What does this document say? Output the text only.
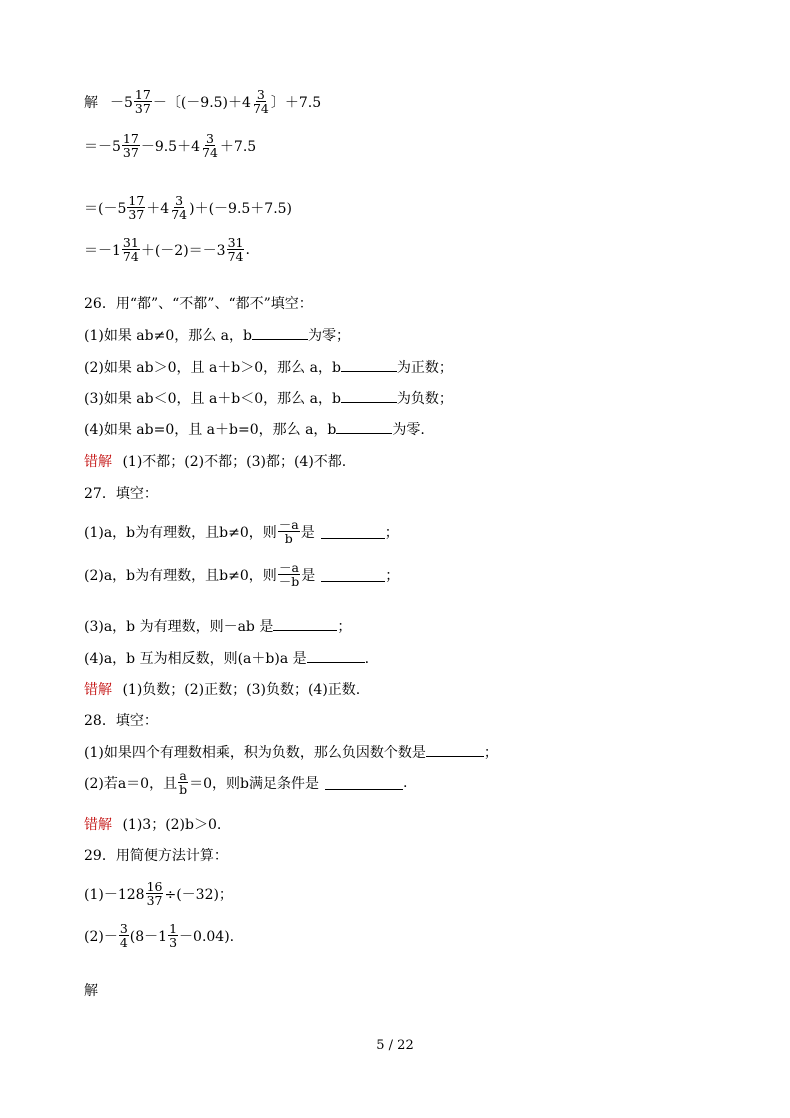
解 $-5 \frac{17}{37}$ －〔$(-9.5)+4 \frac{3}{74}$ 〕＋7.5
$=-5 \frac{17}{37} -9.5+4 \frac{3}{74} +7.5$
$=(-5 \frac{17}{37} +4 \frac{3}{74} )+(-9.5+7.5)$
$=-1 \frac{31}{74} +(-2)=-3 \frac{31}{74}$ .
26．用“都”、“不都”、“都不”填空：
(1)如果 ab≠0，那么 a，b	为零；
(2)如果 ab＞0，且 a＋b＞0，那么 a，b	为正数；
(3)如果 ab＜0，且 a＋b＜0，那么 a，b	为负数；
(4)如果 ab=0，且 a＋b=0，那么 a，b	为零.
错解 (1)不都；(2)不都；(3)都；(4)不都.
27．填空：
(1)a，b为有理数，且b≠0，则 $\frac{-a}{b}$ 是	；
(2)a，b为有理数，且b≠0，则 $\frac{-a}{-b}$ 是	；
(3)a，b 为有理数，则－ab 是	；
(4)a，b 互为相反数，则(a＋b)a 是	.
错解 (1)负数；(2)正数；(3)负数；(4)正数.
28．填空：
(1)如果四个有理数相乘，积为负数，那么负因数个数是	；
(2)若a＝0，且 $\frac{a}{b} =0$，则b满足条件是	.
错解 (1)3；(2)b＞0.
29．用简便方法计算：
$(1)-128 \frac{16}{37} \div(-32)$；
$(2)- \frac{3}{4} (8-1 \frac{1}{3} -0.04)$.
解
5 / 22
